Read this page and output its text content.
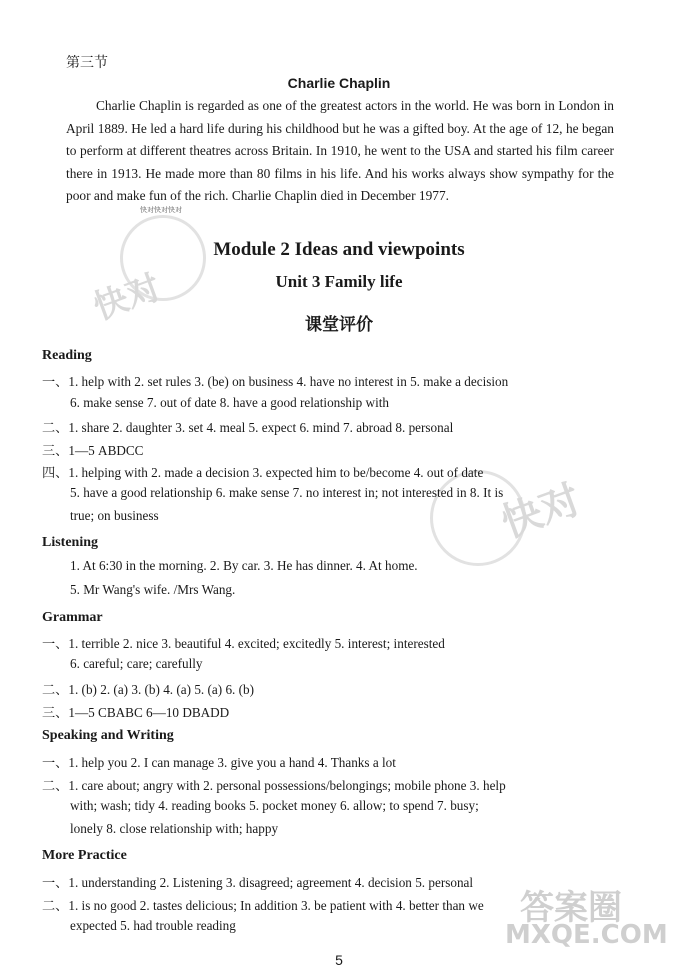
快对
快对
答案圈
MXQE.COM
第三节
Charlie Chaplin

Charlie Chaplin is regarded as one of the greatest actors in the world. He was born in London in April 1889. He led a hard life during his childhood but he was a gifted boy. At the age of 12, he began to perform at different theatres across Britain. In 1910, he went to the USA and started his film career there in 1913. He made more than 80 films in his life. And his works always show sympathy for the poor and make fun of the rich. Charlie Chaplin died in December 1977.

快对快对快对
Module 2 Ideas and viewpoints
Unit 3 Family life
课堂评价
Reading
一、1. help with 2. set rules 3. (be) on business 4. have no interest in 5. make a decision
6. make sense 7. out of date 8. have a good relationship with
二、1. share 2. daughter 3. set 4. meal 5. expect 6. mind 7. abroad 8. personal
三、1—5 ABDCC
四、1. helping with 2. made a decision 3. expected him to be/become 4. out of date
5. have a good relationship 6. make sense 7. no interest in; not interested in 8. It is
true; on business
Listening
1. At 6:30 in the morning. 2. By car. 3. He has dinner. 4. At home.
5. Mr Wang's wife. /Mrs Wang.
Grammar
一、1. terrible 2. nice 3. beautiful 4. excited; excitedly 5. interest; interested
6. careful; care; carefully
二、1. (b) 2. (a) 3. (b) 4. (a) 5. (a) 6. (b)
三、1—5 CBABC 6—10 DBADD
Speaking and Writing
一、1. help you 2. I can manage 3. give you a hand 4. Thanks a lot
二、1. care about; angry with 2. personal possessions/belongings; mobile phone 3. help
with; wash; tidy 4. reading books 5. pocket money 6. allow; to spend 7. busy;
lonely 8. close relationship with; happy
More Practice
一、1. understanding 2. Listening 3. disagreed; agreement 4. decision 5. personal
二、1. is no good 2. tastes delicious; In addition 3. be patient with 4. better than we
expected 5. had trouble reading
5
